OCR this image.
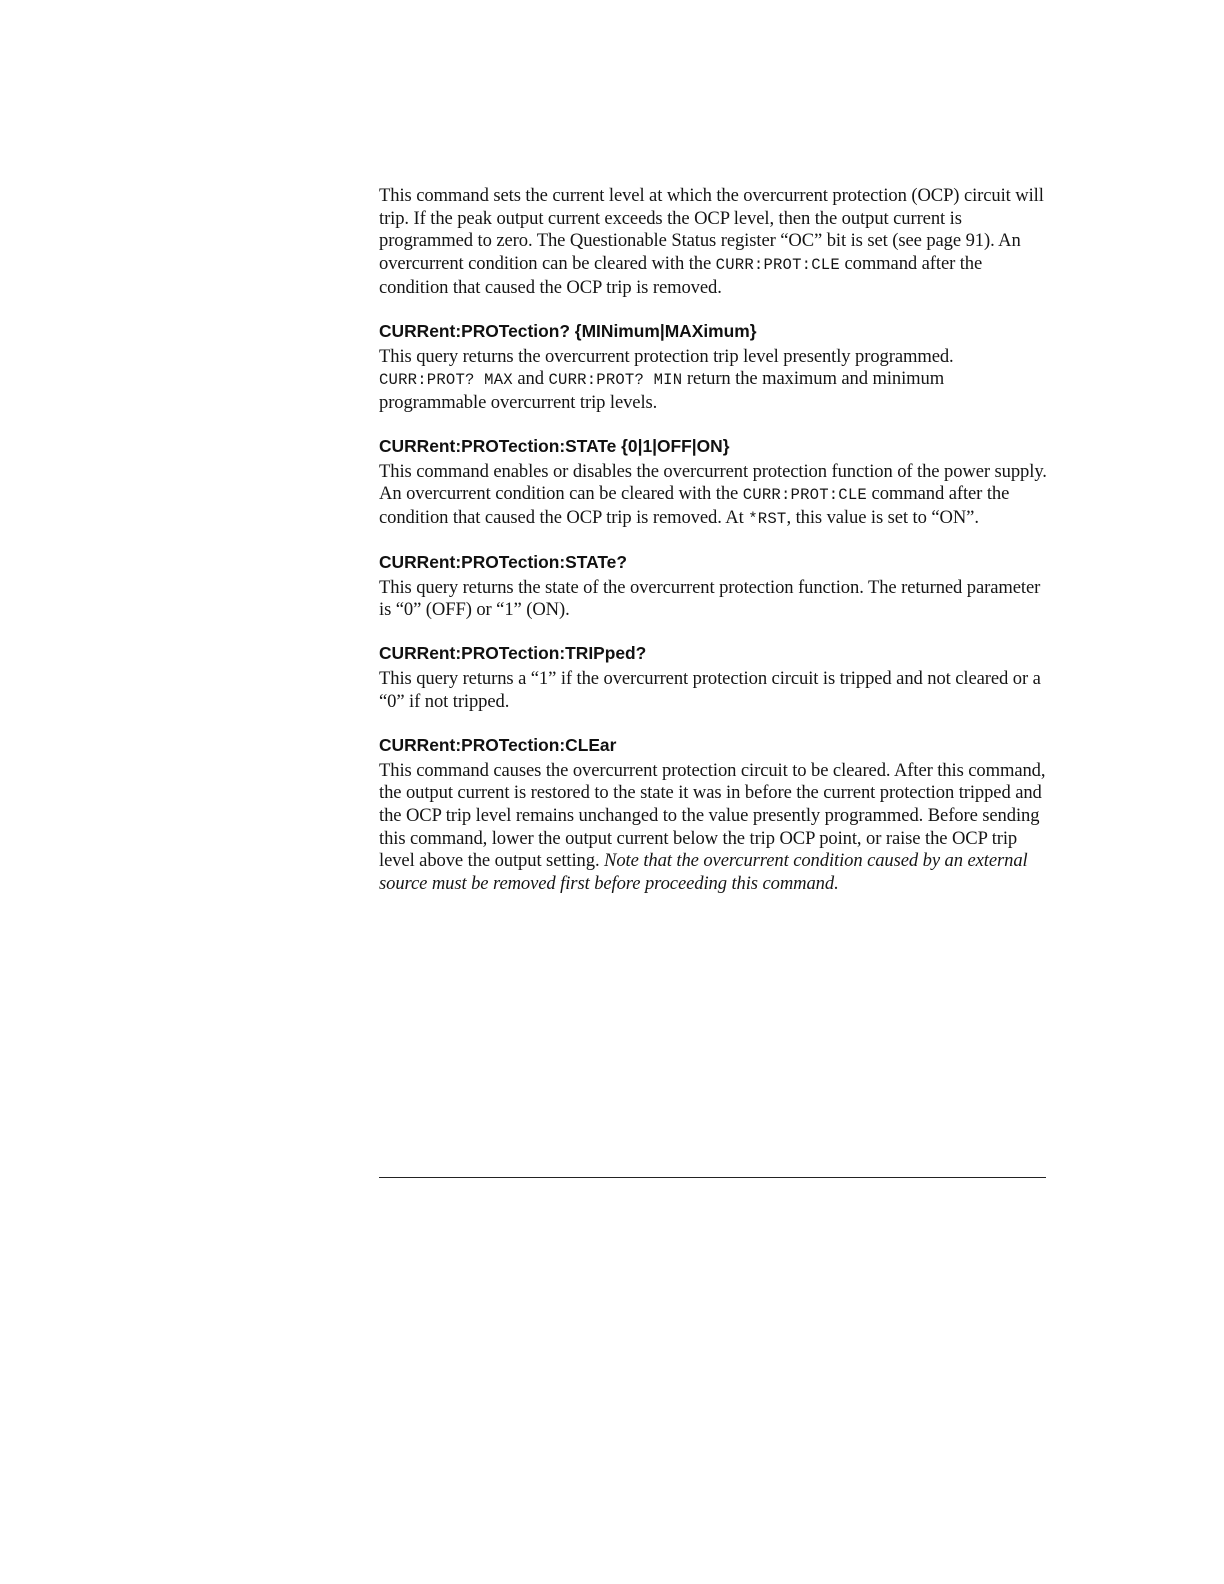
This command sets the current level at which the overcurrent protection (OCP) circuit will trip. If the peak output current exceeds the OCP level, then the output current is programmed to zero. The Questionable Status register “OC” bit is set (see page 91). An overcurrent condition can be cleared with the CURR:PROT:CLE command after the condition that caused the OCP trip is removed.

CURRent:PROTection? {MINimum|MAXimum}

This query returns the overcurrent protection trip level presently programmed. CURR:PROT? MAX and CURR:PROT? MIN return the maximum and minimum programmable overcurrent trip levels.

CURRent:PROTection:STATe {0|1|OFF|ON}

This command enables or disables the overcurrent protection function of the power supply. An overcurrent condition can be cleared with the CURR:PROT:CLE command after the condition that caused the OCP trip is removed. At *RST, this value is set to “ON”.

CURRent:PROTection:STATe?

This query returns the state of the overcurrent protection function. The returned parameter is “0” (OFF) or “1” (ON).

CURRent:PROTection:TRIPped?

This query returns a “1” if the overcurrent protection circuit is tripped and not cleared or a “0” if not tripped.

CURRent:PROTection:CLEar

This command causes the overcurrent protection circuit to be cleared. After this command, the output current is restored to the state it was in before the current protection tripped and the OCP trip level remains unchanged to the value presently programmed. Before sending this command, lower the output current below the trip OCP point, or raise the OCP trip level above the output setting. Note that the overcurrent condition caused by an external source must be removed first before proceeding this command.
